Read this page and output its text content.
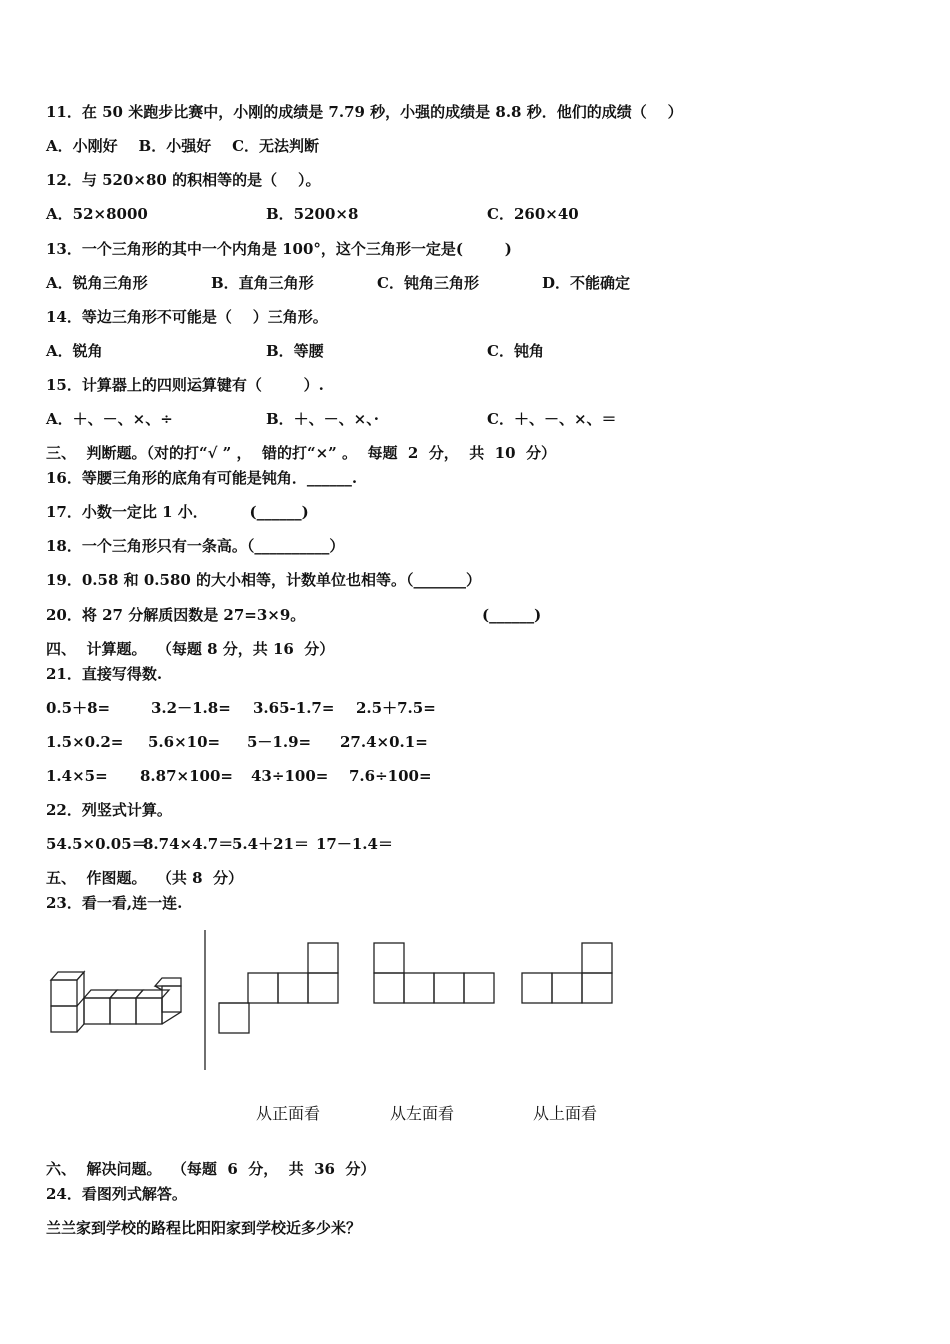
11．在 50 米跑步比赛中，小刚的成绩是 7.79 秒，小强的成绩是 8.8 秒．他们的成绩（    ）
A．小刚好    B．小强好    C．无法判断
12．与 520×80 的积相等的是（    ）。
A．52×8000	B．5200×8	C．260×40
13．一个三角形的其中一个内角是 100°，这个三角形一定是(        )
A．锐角三角形	B．直角三角形	C．钝角三角形	D．不能确定
14．等边三角形不可能是（    ）三角形。
A．锐角	B．等腰	C．钝角
15．计算器上的四则运算键有（        ）.
A．＋、－、×、÷	B．＋、－、×、·	C．＋、－、×、＝
三、  判断题。（对的打“√ ” ，  错的打“×” 。  每题  2  分，  共  10  分）
16．等腰三角形的底角有可能是钝角．______.
17．小数一定比 1 小．        (______)
18．一个三角形只有一条高。（__________）
19．0.58 和 0.580 的大小相等，计数单位也相等。（_______）
20．将 27 分解质因数是 27=3×9。	(______)
四、  计算题。  （每题 8 分，共 16  分）
21．直接写得数.
0.5＋8=	3.2－1.8= 3.65-1.7= 2.5＋7.5=
1.5×0.2= 5.6×10= 5－1.9= 27.4×0.1=
1.4×5= 8.87×100= 43÷100= 7.6÷100=
22．列竖式计算。
54.5×0.05＝
8.74×4.7＝
5.4＋21＝ 17－1.4＝
五、  作图题。  （共 8  分）
23．看一看,连一连.
从正面看	从左面看	从上面看
六、  解决问题。  （每题  6  分，  共  36  分）
24．看图列式解答。
兰兰家到学校的路程比阳阳家到学校近多少米？
